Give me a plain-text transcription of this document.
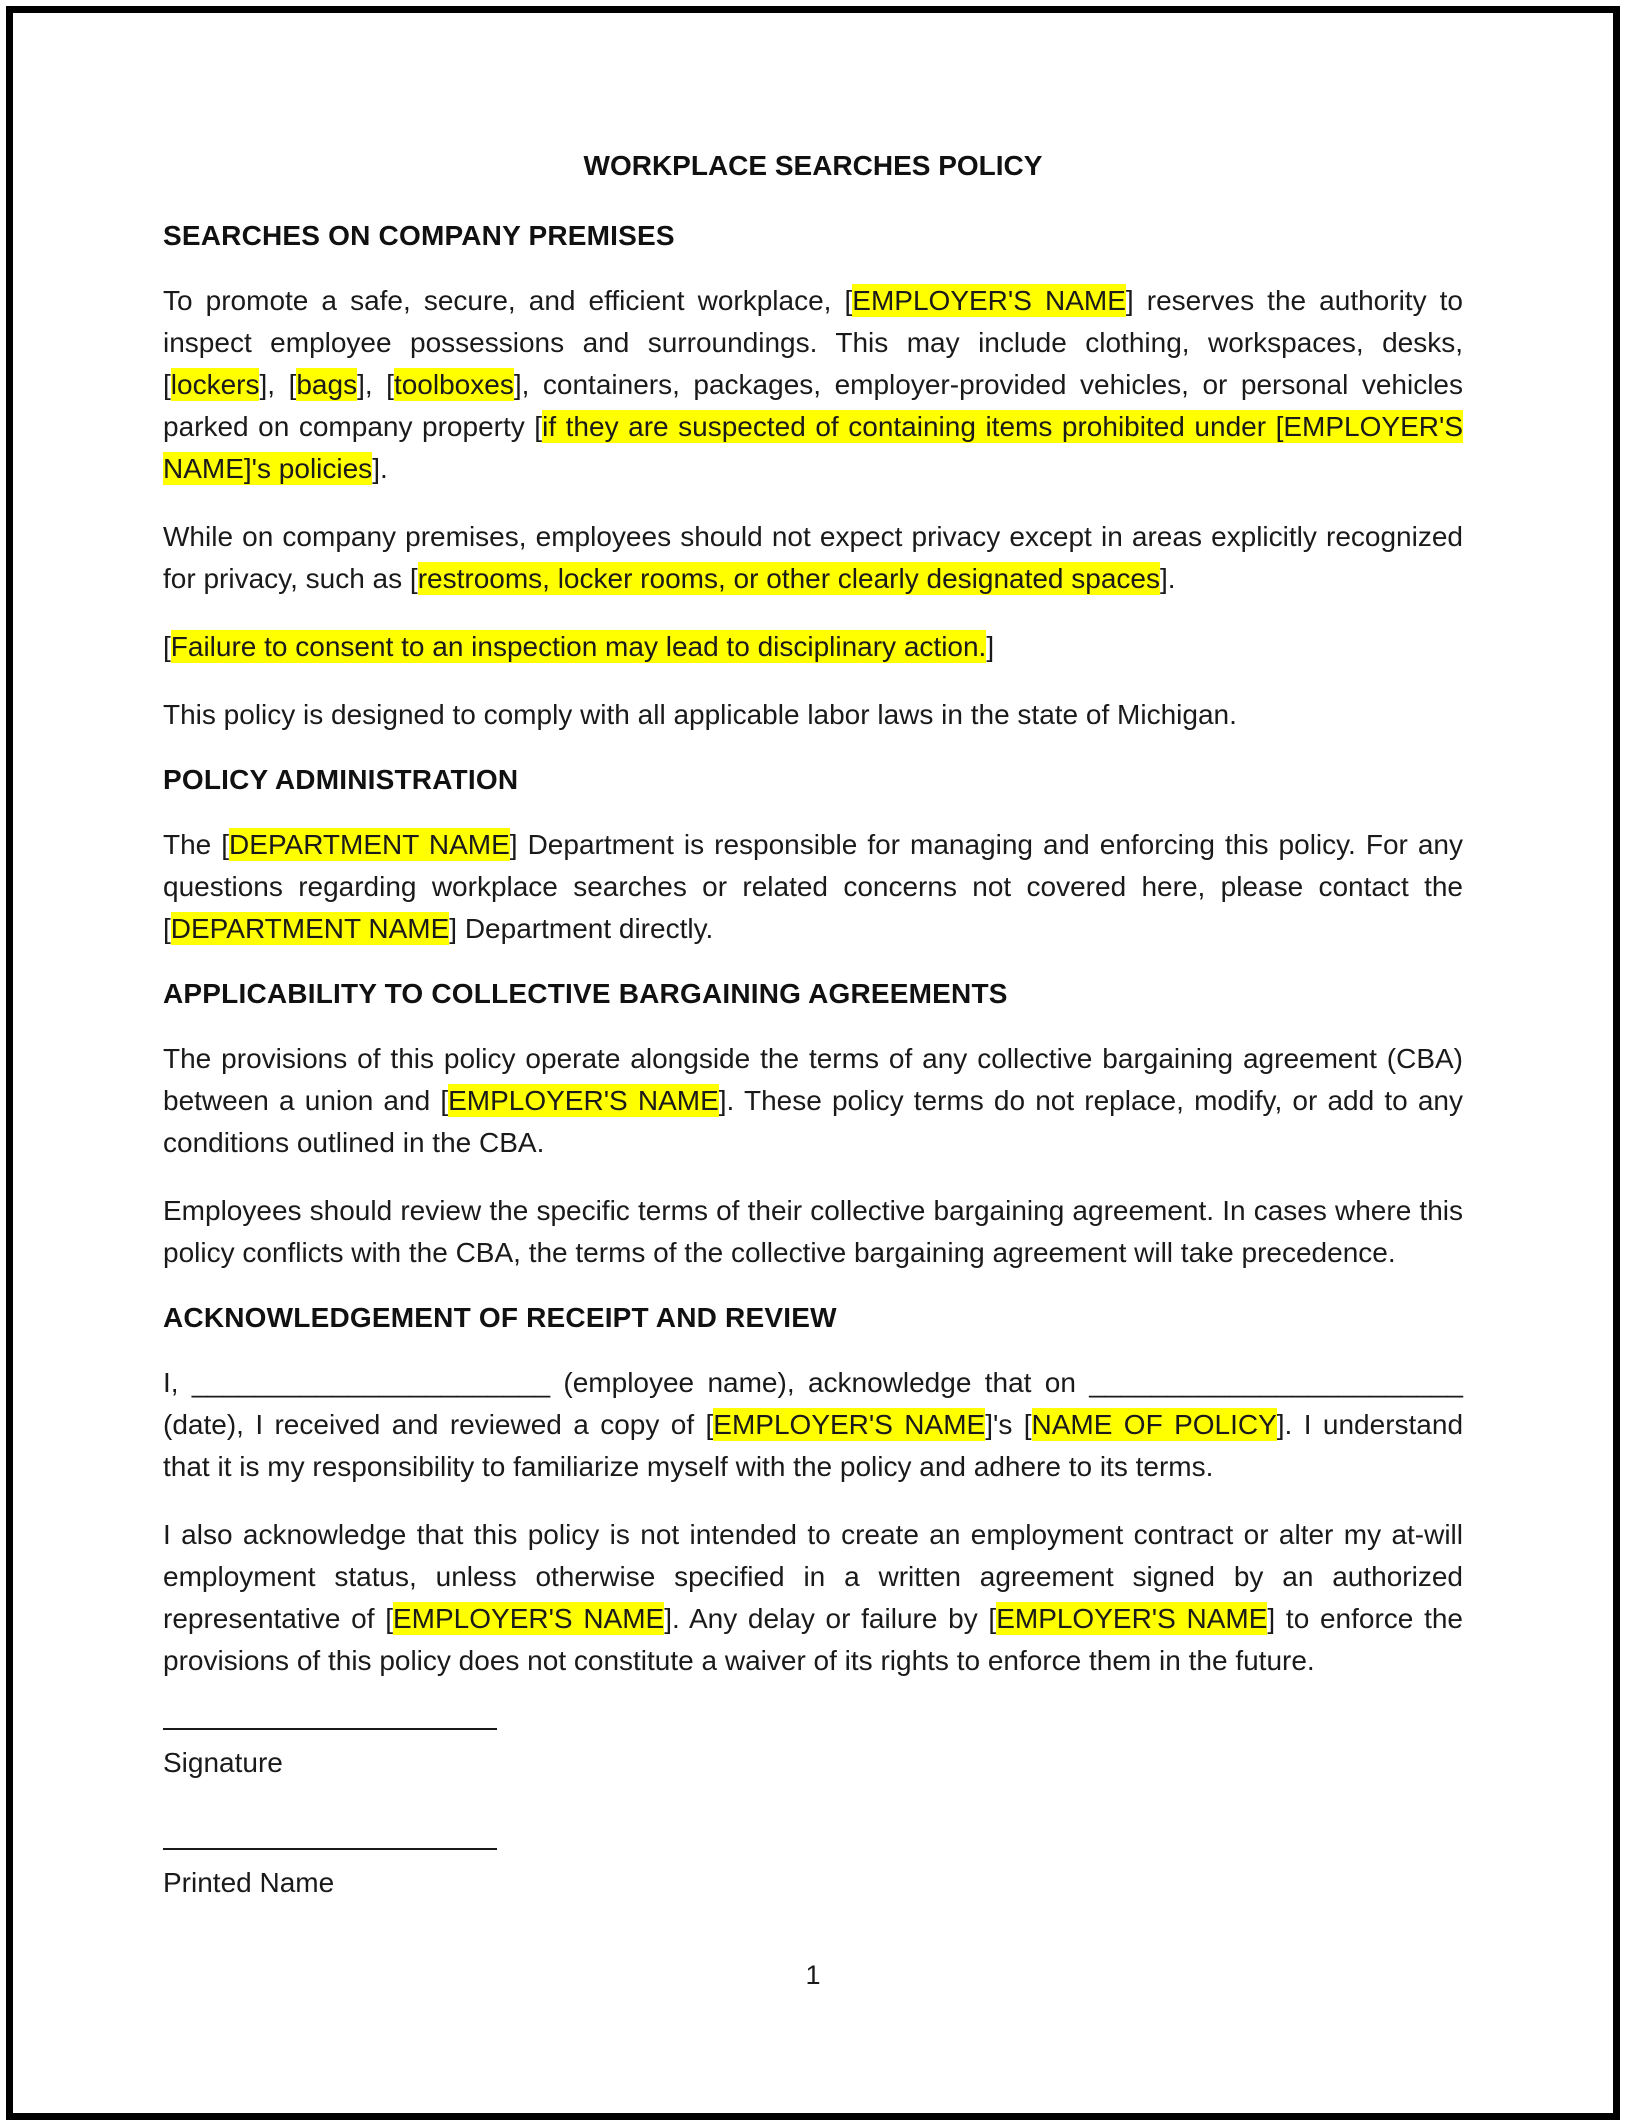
WORKPLACE SEARCHES POLICY
SEARCHES ON COMPANY PREMISES

To promote a safe, secure, and efficient workplace, [EMPLOYER'S NAME] reserves the authority to inspect employee possessions and surroundings. This may include clothing, workspaces, desks, [lockers], [bags], [toolboxes], containers, packages, employer-provided vehicles, or personal vehicles parked on company property [if they are suspected of containing items prohibited under [EMPLOYER'S NAME]'s policies].

While on company premises, employees should not expect privacy except in areas explicitly recognized for privacy, such as [restrooms, locker rooms, or other clearly designated spaces].

[Failure to consent to an inspection may lead to disciplinary action.]

This policy is designed to comply with all applicable labor laws in the state of Michigan.

POLICY ADMINISTRATION

The [DEPARTMENT NAME] Department is responsible for managing and enforcing this policy. For any questions regarding workplace searches or related concerns not covered here, please contact the [DEPARTMENT NAME] Department directly.

APPLICABILITY TO COLLECTIVE BARGAINING AGREEMENTS

The provisions of this policy operate alongside the terms of any collective bargaining agreement (CBA) between a union and [EMPLOYER'S NAME]. These policy terms do not replace, modify, or add to any conditions outlined in the CBA.

Employees should review the specific terms of their collective bargaining agreement. In cases where this policy conflicts with the CBA, the terms of the collective bargaining agreement will take precedence.

ACKNOWLEDGEMENT OF RECEIPT AND REVIEW

I, _______________________ (employee name), acknowledge that on ________________________ (date), I received and reviewed a copy of [EMPLOYER'S NAME]'s [NAME OF POLICY]. I understand that it is my responsibility to familiarize myself with the policy and adhere to its terms.

I also acknowledge that this policy is not intended to create an employment contract or alter my at-will employment status, unless otherwise specified in a written agreement signed by an authorized representative of [EMPLOYER'S NAME]. Any delay or failure by [EMPLOYER'S NAME] to enforce the provisions of this policy does not constitute a waiver of its rights to enforce them in the future.

Signature

Printed Name

1
